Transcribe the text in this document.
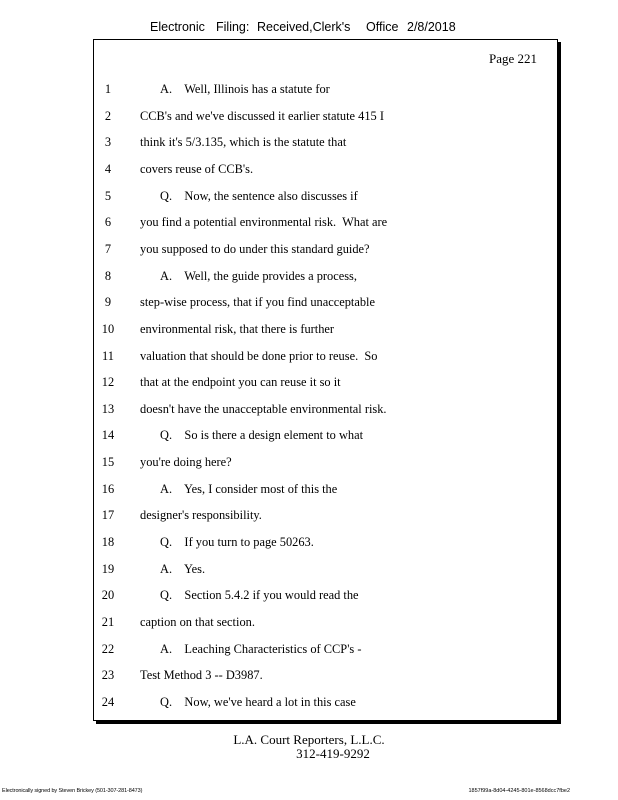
Electronic

Filing:

Received,Clerk's

Office

2/8/2018

Page 221
1	A.    Well, Illinois has a statute for
2	CCB's and we've discussed it earlier statute 415 I
3	think it's 5/3.135, which is the statute that
4	covers reuse of CCB's.
5	Q.    Now, the sentence also discusses if
6	you find a potential environmental risk.  What are
7	you supposed to do under this standard guide?
8	A.    Well, the guide provides a process,
9	step-wise process, that if you find unacceptable
10	environmental risk, that there is further
11	valuation that should be done prior to reuse.  So
12	that at the endpoint you can reuse it so it
13	doesn't have the unacceptable environmental risk.
14	Q.    So is there a design element to what
15	you're doing here?
16	A.    Yes, I consider most of this the
17	designer's responsibility.
18	Q.    If you turn to page 50263.
19	A.    Yes.
20	Q.    Section 5.4.2 if you would read the
21	caption on that section.
22	A.    Leaching Characteristics of CCP's -
23	Test Method 3 -- D3987.
24	Q.    Now, we've heard a lot in this case
L.A. Court Reporters, L.L.C.
312-419-9292
Electronically signed by Steven Brickey (501-307-281-8473)	1857f99a-8d04-4245-801e-8568dcc7fbe2
